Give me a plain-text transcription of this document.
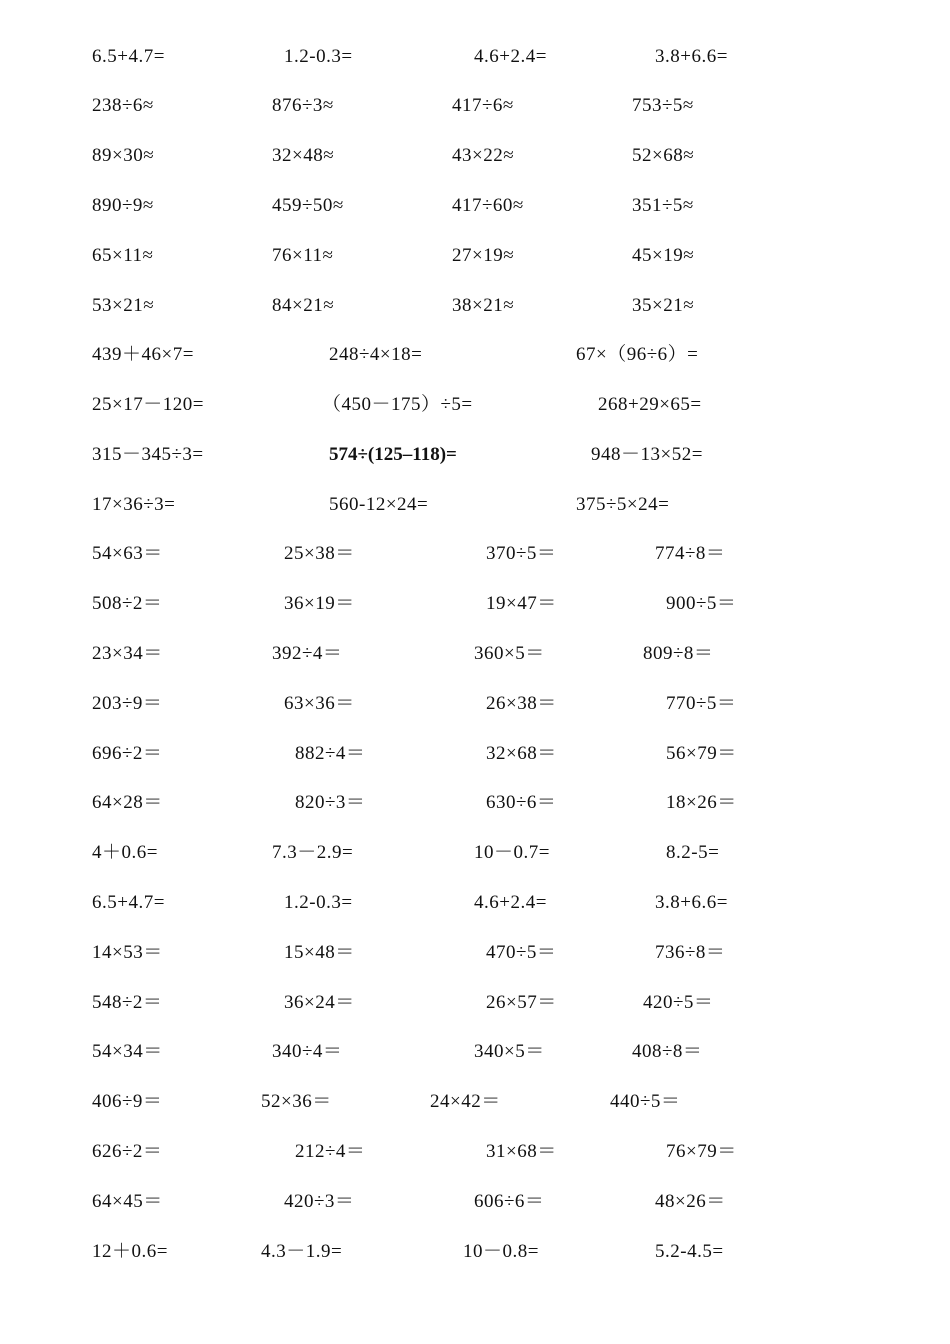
6.5+4.7=	1.2-0.3=	4.6+2.4=	3.8+6.6=
238÷6≈	876÷3≈	417÷6≈	753÷5≈
89×30≈	32×48≈	43×22≈	52×68≈
890÷9≈	459÷50≈	417÷60≈	351÷5≈
65×11≈	76×11≈	27×19≈	45×19≈
53×21≈	84×21≈	38×21≈	35×21≈
439＋46×7=	248÷4×18=	67×（96÷6）=
25×17－120=	（450－175）÷5=	268+29×65=
315－345÷3=	574÷(125–118)=	948－13×52=
17×36÷3=	560-12×24=	375÷5×24=
54×63＝	25×38＝	370÷5＝	774÷8＝
508÷2＝	36×19＝	19×47＝	900÷5＝
23×34＝	392÷4＝	360×5＝	809÷8＝
203÷9＝	63×36＝	26×38＝	770÷5＝
696÷2＝	882÷4＝	32×68＝	56×79＝
64×28＝	820÷3＝	630÷6＝	18×26＝
4＋0.6=	7.3－2.9=	10－0.7=	8.2-5=
6.5+4.7=	1.2-0.3=	4.6+2.4=	3.8+6.6=
14×53＝	15×48＝	470÷5＝	736÷8＝
548÷2＝	36×24＝	26×57＝	420÷5＝
54×34＝	340÷4＝	340×5＝	408÷8＝
406÷9＝	52×36＝	24×42＝	440÷5＝
626÷2＝	212÷4＝	31×68＝	76×79＝
64×45＝	420÷3＝	606÷6＝	48×26＝
12＋0.6=	4.3－1.9=	10－0.8=	5.2-4.5=
